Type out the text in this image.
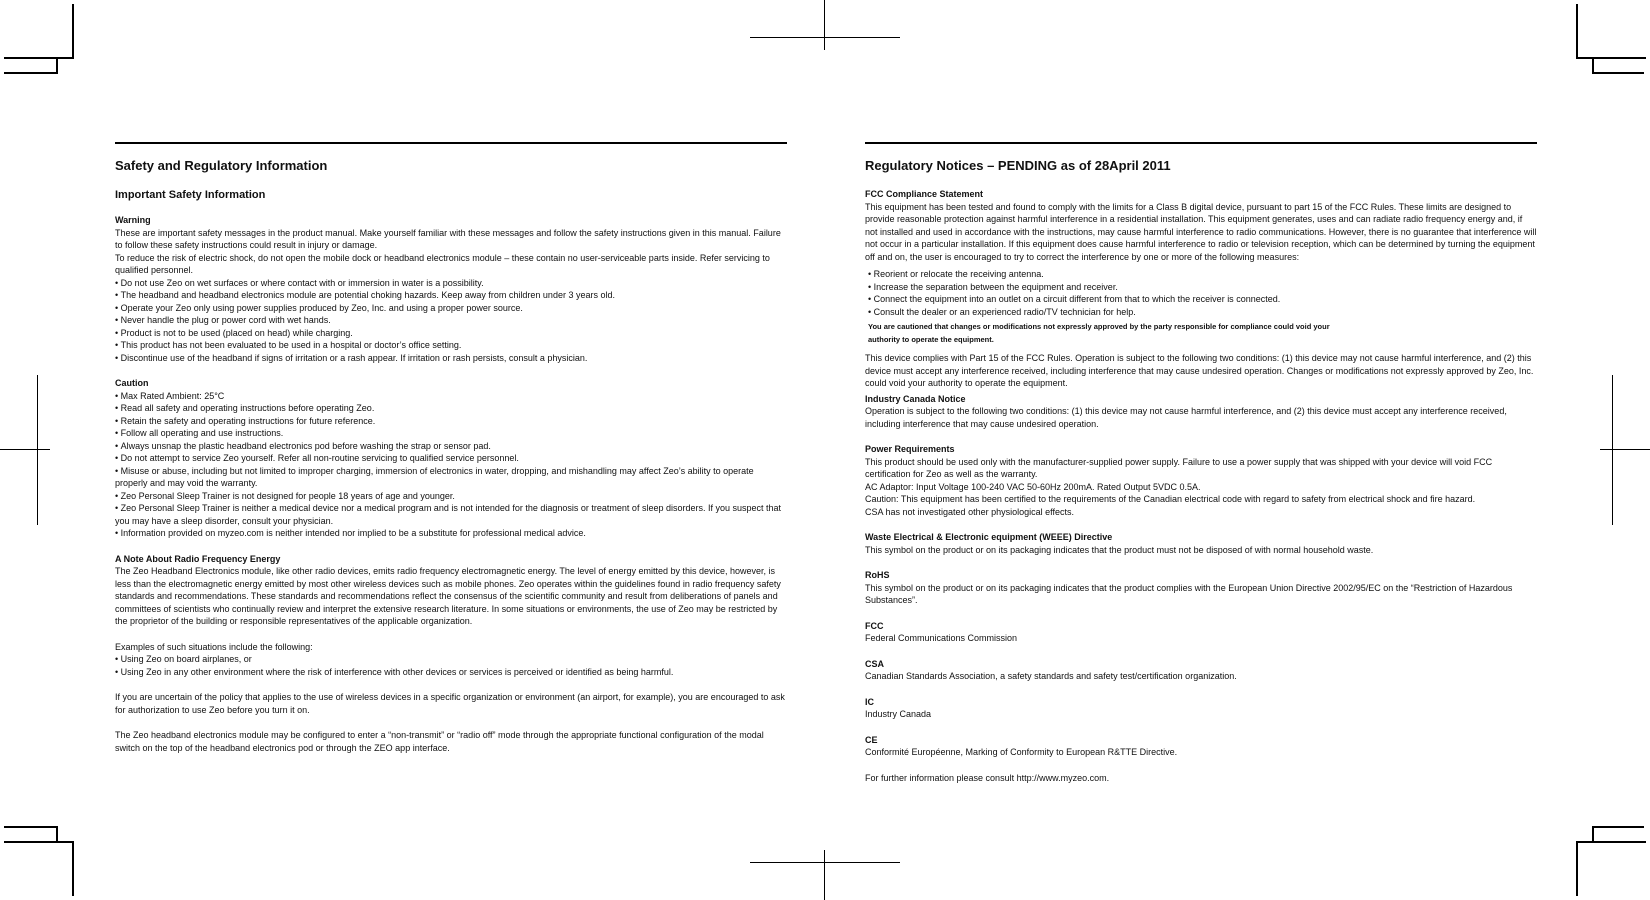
Safety and Regulatory Information
Important Safety Information
Warning

These are important safety messages in the product manual. Make yourself familiar with these messages and follow the safety instructions given in this manual. Failure to follow these safety instructions could result in injury or damage.

To reduce the risk of electric shock, do not open the mobile dock or headband electronics module – these contain no user-serviceable parts inside. Refer servicing to qualified personnel.

• Do not use Zeo on wet surfaces or where contact with or immersion in water is a possibility.
• The headband and headband electronics module are potential choking hazards. Keep away from children under 3 years old.
• Operate your Zeo only using power supplies produced by Zeo, Inc. and using a proper power source.
• Never handle the plug or power cord with wet hands.
• Product is not to be used (placed on head) while charging.
• This product has not been evaluated to be used in a hospital or doctor’s office setting.
• Discontinue use of the headband if signs of irritation or a rash appear. If irritation or rash persists, consult a physician.
Caution
• Max Rated Ambient: 25°C
• Read all safety and operating instructions before operating Zeo.
• Retain the safety and operating instructions for future reference.
• Follow all operating and use instructions.
• Always unsnap the plastic headband electronics pod before washing the strap or sensor pad.
• Do not attempt to service Zeo yourself. Refer all non-routine servicing to qualified service personnel.
• Misuse or abuse, including but not limited to improper charging, immersion of electronics in water, dropping, and mishandling may affect Zeo’s ability to operate properly and may void the warranty.
• Zeo Personal Sleep Trainer is not designed for people 18 years of age and younger.
• Zeo Personal Sleep Trainer is neither a medical device nor a medical program and is not intended for the diagnosis or treatment of sleep disorders. If you suspect that you may have a sleep disorder, consult your physician.
• Information provided on myzeo.com is neither intended nor implied to be a substitute for professional medical advice.
A Note About Radio Frequency Energy

The Zeo Headband Electronics module, like other radio devices, emits radio frequency electromagnetic energy. The level of energy emitted by this device, however, is less than the electromagnetic energy emitted by most other wireless devices such as mobile phones. Zeo operates within the guidelines found in radio frequency safety standards and recommendations. These standards and recommendations reflect the consensus of the scientific community and result from deliberations of panels and committees of scientists who continually review and interpret the extensive research literature. In some situations or environments, the use of Zeo may be restricted by the proprietor of the building or responsible representatives of the applicable organization.

Examples of such situations include the following:

• Using Zeo on board airplanes, or
• Using Zeo in any other environment where the risk of interference with other devices or services is perceived or identified as being harmful.

If you are uncertain of the policy that applies to the use of wireless devices in a specific organization or environment (an airport, for example), you are encouraged to ask for authorization to use Zeo before you turn it on.

The Zeo headband electronics module may be configured to enter a “non-transmit” or “radio off” mode through the appropriate functional configuration of the modal switch on the top of the headband electronics pod or through the ZEO app interface.

Regulatory Notices – PENDING as of 28April 2011
FCC Compliance Statement

This equipment has been tested and found to comply with the limits for a Class B digital device, pursuant to part 15 of the FCC Rules. These limits are designed to provide reasonable protection against harmful interference in a residential installation. This equipment generates, uses and can radiate radio frequency energy and, if not installed and used in accordance with the instructions, may cause harmful interference to radio communications. However, there is no guarantee that interference will not occur in a particular installation. If this equipment does cause harmful interference to radio or television reception, which can be determined by turning the equipment off and on, the user is encouraged to try to correct the interference by one or more of the following measures:

• Reorient or relocate the receiving antenna.
• Increase the separation between the equipment and receiver.
• Connect the equipment into an outlet on a circuit different from that to which the receiver is connected.
• Consult the dealer or an experienced radio/TV technician for help.
You are cautioned that changes or modifications not expressly approved by the party responsible for compliance could void your authority to operate the equipment.

This device complies with Part 15 of the FCC Rules. Operation is subject to the following two conditions: (1) this device may not cause harmful interference, and (2) this device must accept any interference received, including interference that may cause undesired operation. Changes or modifications not expressly approved by Zeo, Inc. could void your authority to operate the equipment.

Industry Canada Notice

Operation is subject to the following two conditions: (1) this device may not cause harmful interference, and (2) this device must accept any interference received, including interference that may cause undesired operation.

Power Requirements

This product should be used only with the manufacturer-supplied power supply. Failure to use a power supply that was shipped with your device will void FCC certification for Zeo as well as the warranty.

AC Adaptor: Input Voltage 100-240 VAC 50-60Hz 200mA. Rated Output 5VDC 0.5A.

Caution: This equipment has been certified to the requirements of the Canadian electrical code with regard to safety from electrical shock and fire hazard.

CSA has not investigated other physiological effects.

Waste Electrical & Electronic equipment (WEEE) Directive

This symbol on the product or on its packaging indicates that the product must not be disposed of with normal household waste.

RoHS

This symbol on the product or on its packaging indicates that the product complies with the European Union Directive 2002/95/EC on the “Restriction of Hazardous Substances”.

FCC

Federal Communications Commission

CSA

Canadian Standards Association, a safety standards and safety test/certification organization.

IC

Industry Canada

CE

Conformité Européenne, Marking of Conformity to European R&TTE Directive.

For further information please consult http://www.myzeo.com.
